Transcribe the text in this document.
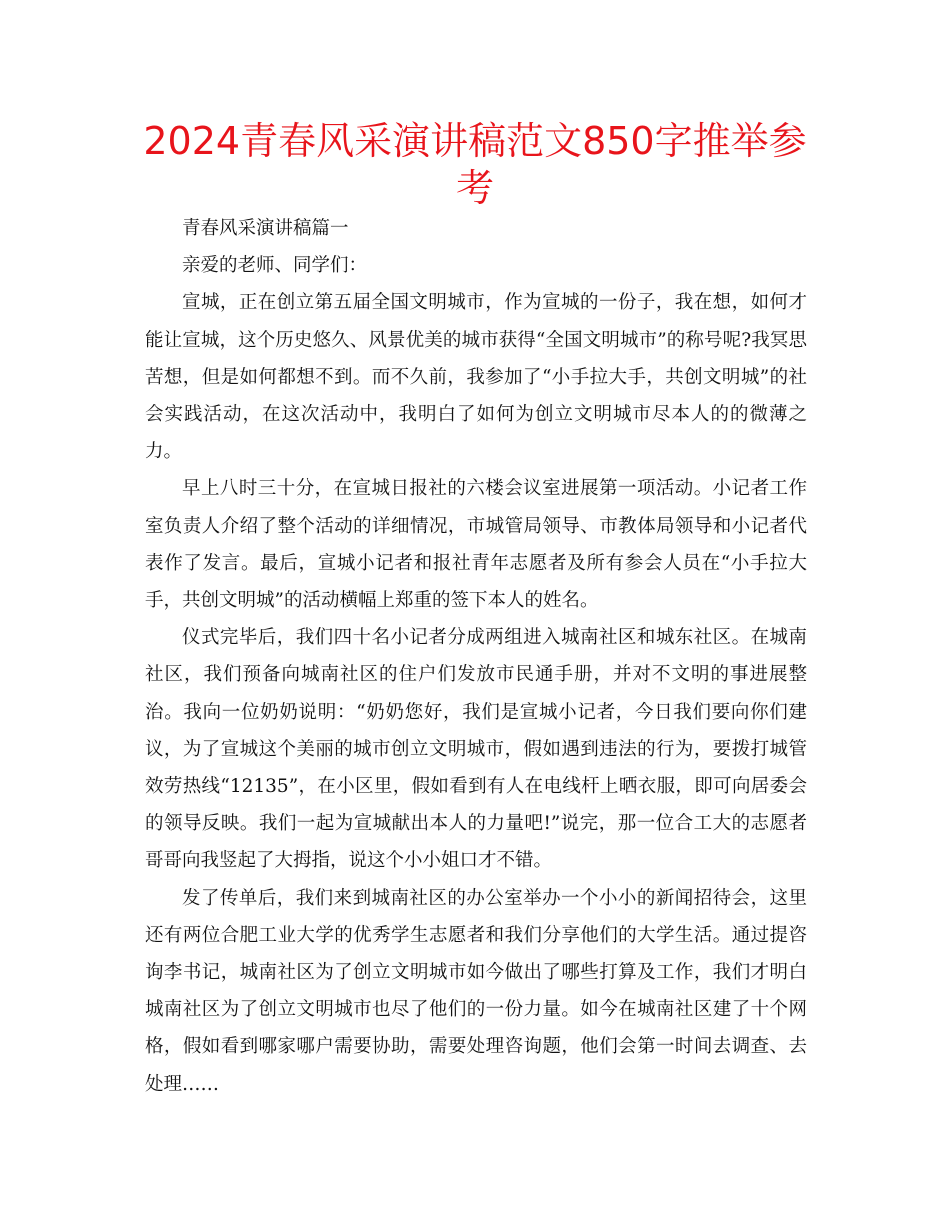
2024青春风采演讲稿范文850字推举参考

青春风采演讲稿篇一

亲爱的老师、同学们：

宣城，正在创立第五届全国文明城市，作为宣城的一份子，我在想，如何才能让宣城，这个历史悠久、风景优美的城市获得“全国文明城市”的称号呢?我冥思苦想，但是如何都想不到。而不久前，我参加了“小手拉大手，共创文明城”的社会实践活动，在这次活动中，我明白了如何为创立文明城市尽本人的的微薄之力。

早上八时三十分，在宣城日报社的六楼会议室进展第一项活动。小记者工作室负责人介绍了整个活动的详细情况，市城管局领导、市教体局领导和小记者代表作了发言。最后，宣城小记者和报社青年志愿者及所有参会人员在“小手拉大手，共创文明城”的活动横幅上郑重的签下本人的姓名。

仪式完毕后，我们四十名小记者分成两组进入城南社区和城东社区。在城南社区，我们预备向城南社区的住户们发放市民通手册，并对不文明的事进展整治。我向一位奶奶说明：“奶奶您好，我们是宣城小记者，今日我们要向你们建议，为了宣城这个美丽的城市创立文明城市，假如遇到违法的行为，要拨打城管效劳热线“12135”，在小区里，假如看到有人在电线杆上晒衣服，即可向居委会的领导反映。我们一起为宣城献出本人的力量吧!”说完，那一位合工大的志愿者哥哥向我竖起了大拇指，说这个小小姐口才不错。

发了传单后，我们来到城南社区的办公室举办一个小小的新闻招待会，这里还有两位合肥工业大学的优秀学生志愿者和我们分享他们的大学生活。通过提咨询李书记，城南社区为了创立文明城市如今做出了哪些打算及工作，我们才明白城南社区为了创立文明城市也尽了他们的一份力量。如今在城南社区建了十个网格，假如看到哪家哪户需要协助，需要处理咨询题，他们会第一时间去调查、去处理……
